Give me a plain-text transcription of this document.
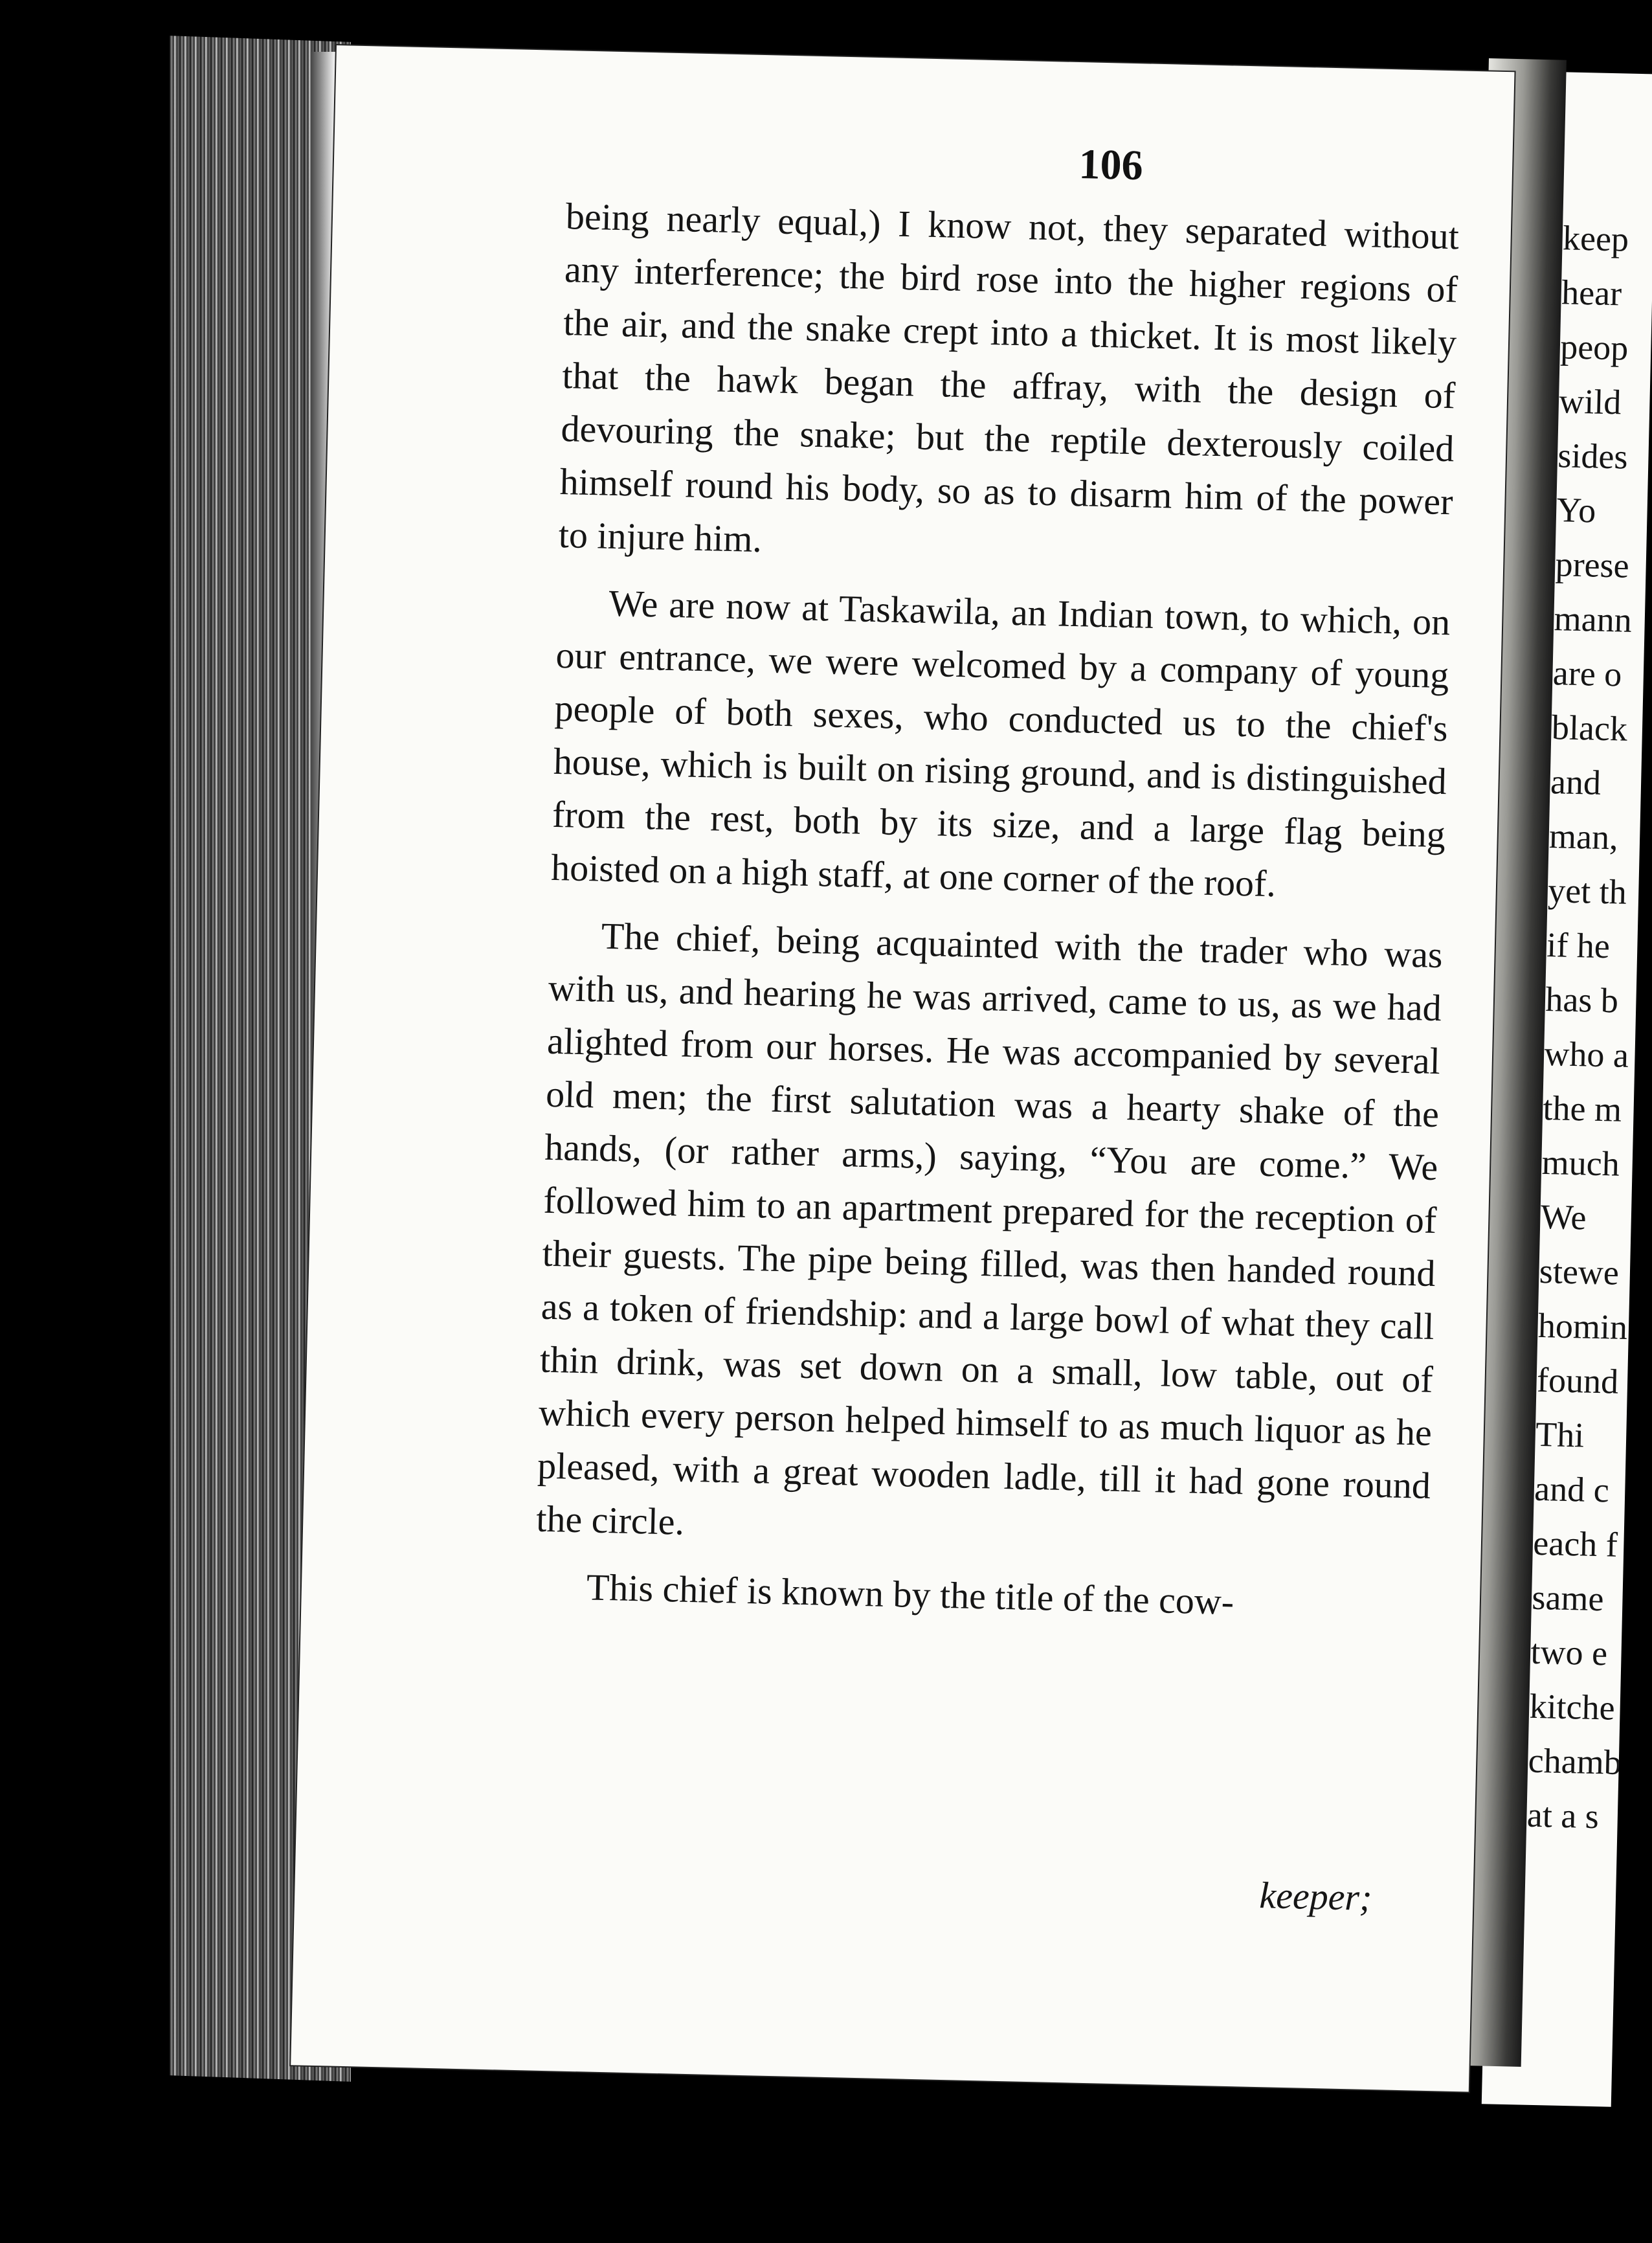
keep
hear
peop
wild
sides
Yo
prese
mann
are o
black
and
man,
yet th
if he
has b
who a
the m
much
We
stewe
homin
found
Thi
and c
each f
same
two e
kitche
chamb
at a s
106

being nearly equal,) I know not, they separated without any interference; the bird rose into the higher regions of the air, and the snake crept into a thicket. It is most likely that the hawk began the affray, with the design of devouring the snake; but the reptile dexterously coiled himself round his body, so as to disarm him of the power to injure him.

We are now at Taskawila, an Indian town, to which, on our entrance, we were welcomed by a company of young people of both sexes, who conducted us to the chief's house, which is built on rising ground, and is distinguished from the rest, both by its size, and a large flag being hoisted on a high staff, at one corner of the roof.

The chief, being acquainted with the trader who was with us, and hearing he was arrived, came to us, as we had alighted from our horses. He was accompanied by several old men; the first salutation was a hearty shake of the hands, (or rather arms,) saying, “You are come.” We followed him to an apartment prepared for the reception of their guests. The pipe being filled, was then handed round as a token of friendship: and a large bowl of what they call thin drink, was set down on a small, low table, out of which every person helped himself to as much liquor as he pleased, with a great wooden ladle, till it had gone round the circle.

This chief is known by the title of the cow-

keeper;
